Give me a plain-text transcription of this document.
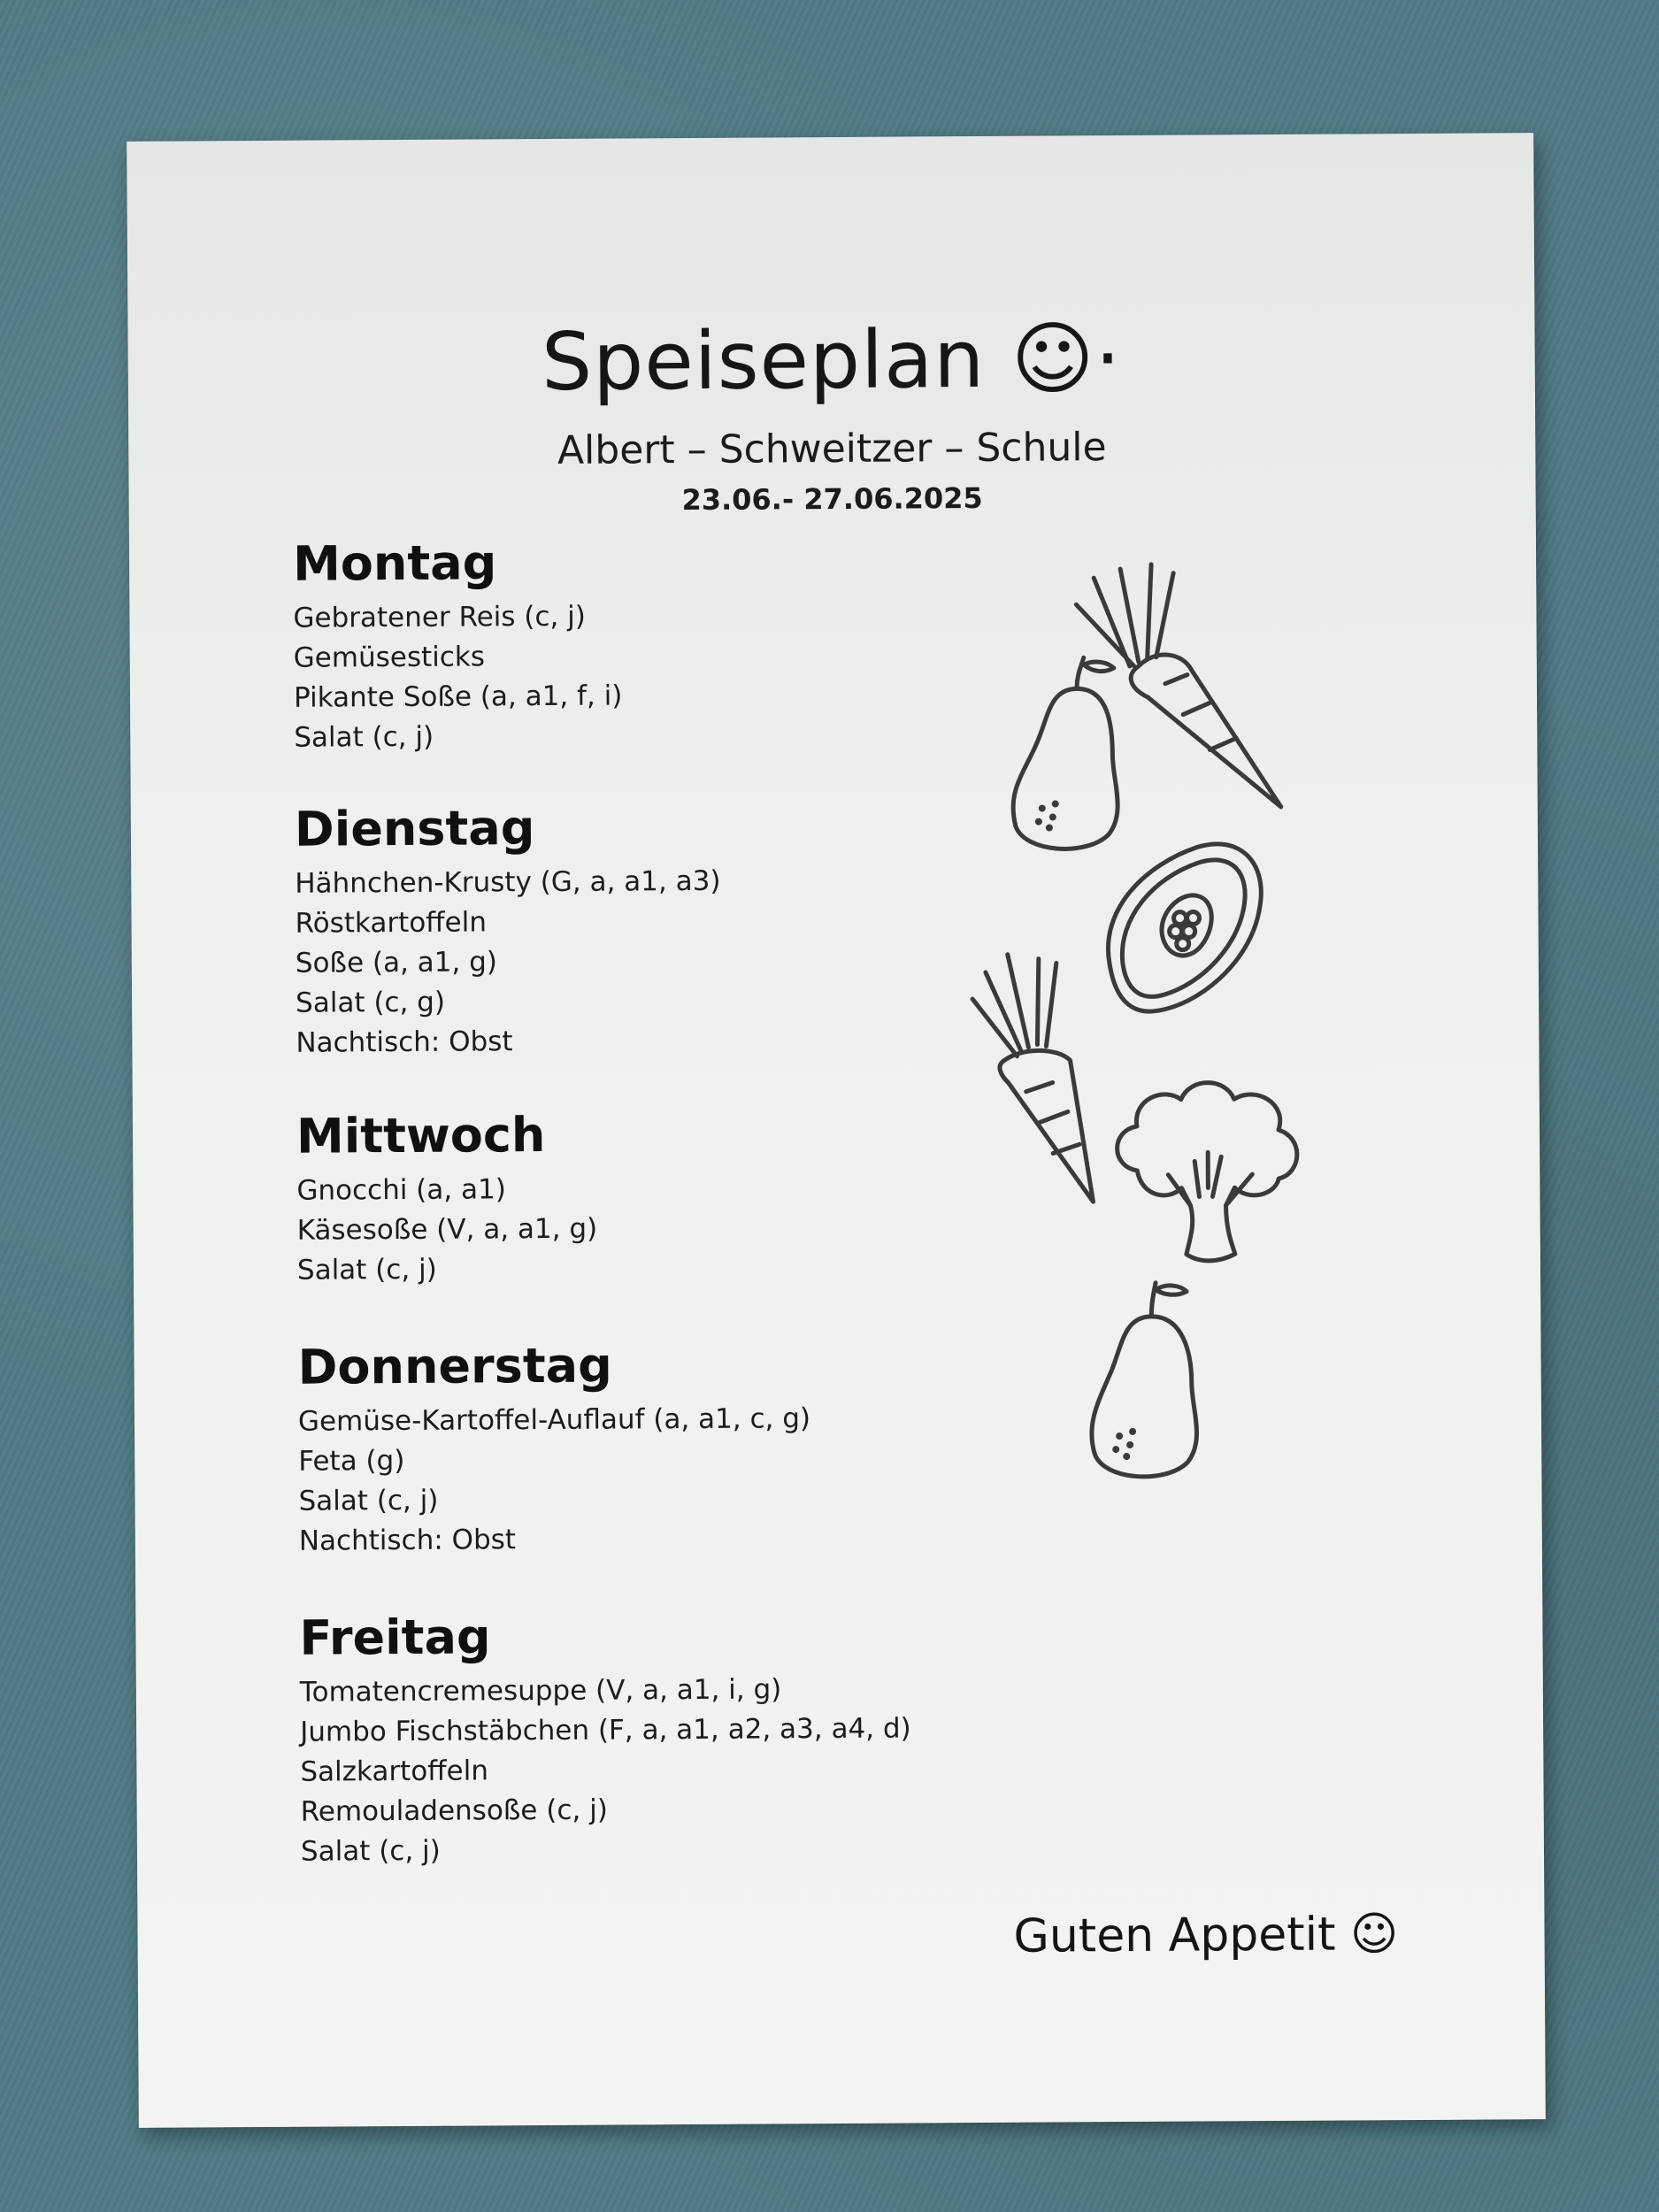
Speiseplan ☺·
Albert – Schweitzer – Schule
23.06.- 27.06.2025
Montag
Gebratener Reis (c, j)
Gemüsesticks
Pikante Soße (a, a1, f, i)
Salat (c, j)
Dienstag
Hähnchen-Krusty (G, a, a1, a3)
Röstkartoffeln
Soße (a, a1, g)
Salat (c, g)
Nachtisch: Obst
Mittwoch
Gnocchi (a, a1)
Käsesoße (V, a, a1, g)
Salat (c, j)
Donnerstag
Gemüse-Kartoffel-Auflauf (a, a1, c, g)
Feta (g)
Salat (c, j)
Nachtisch: Obst
Freitag
Tomatencremesuppe (V, a, a1, i, g)
Jumbo Fischstäbchen (F, a, a1, a2, a3, a4, d)
Salzkartoffeln
Remouladensoße (c, j)
Salat (c, j)
Guten Appetit ☺
